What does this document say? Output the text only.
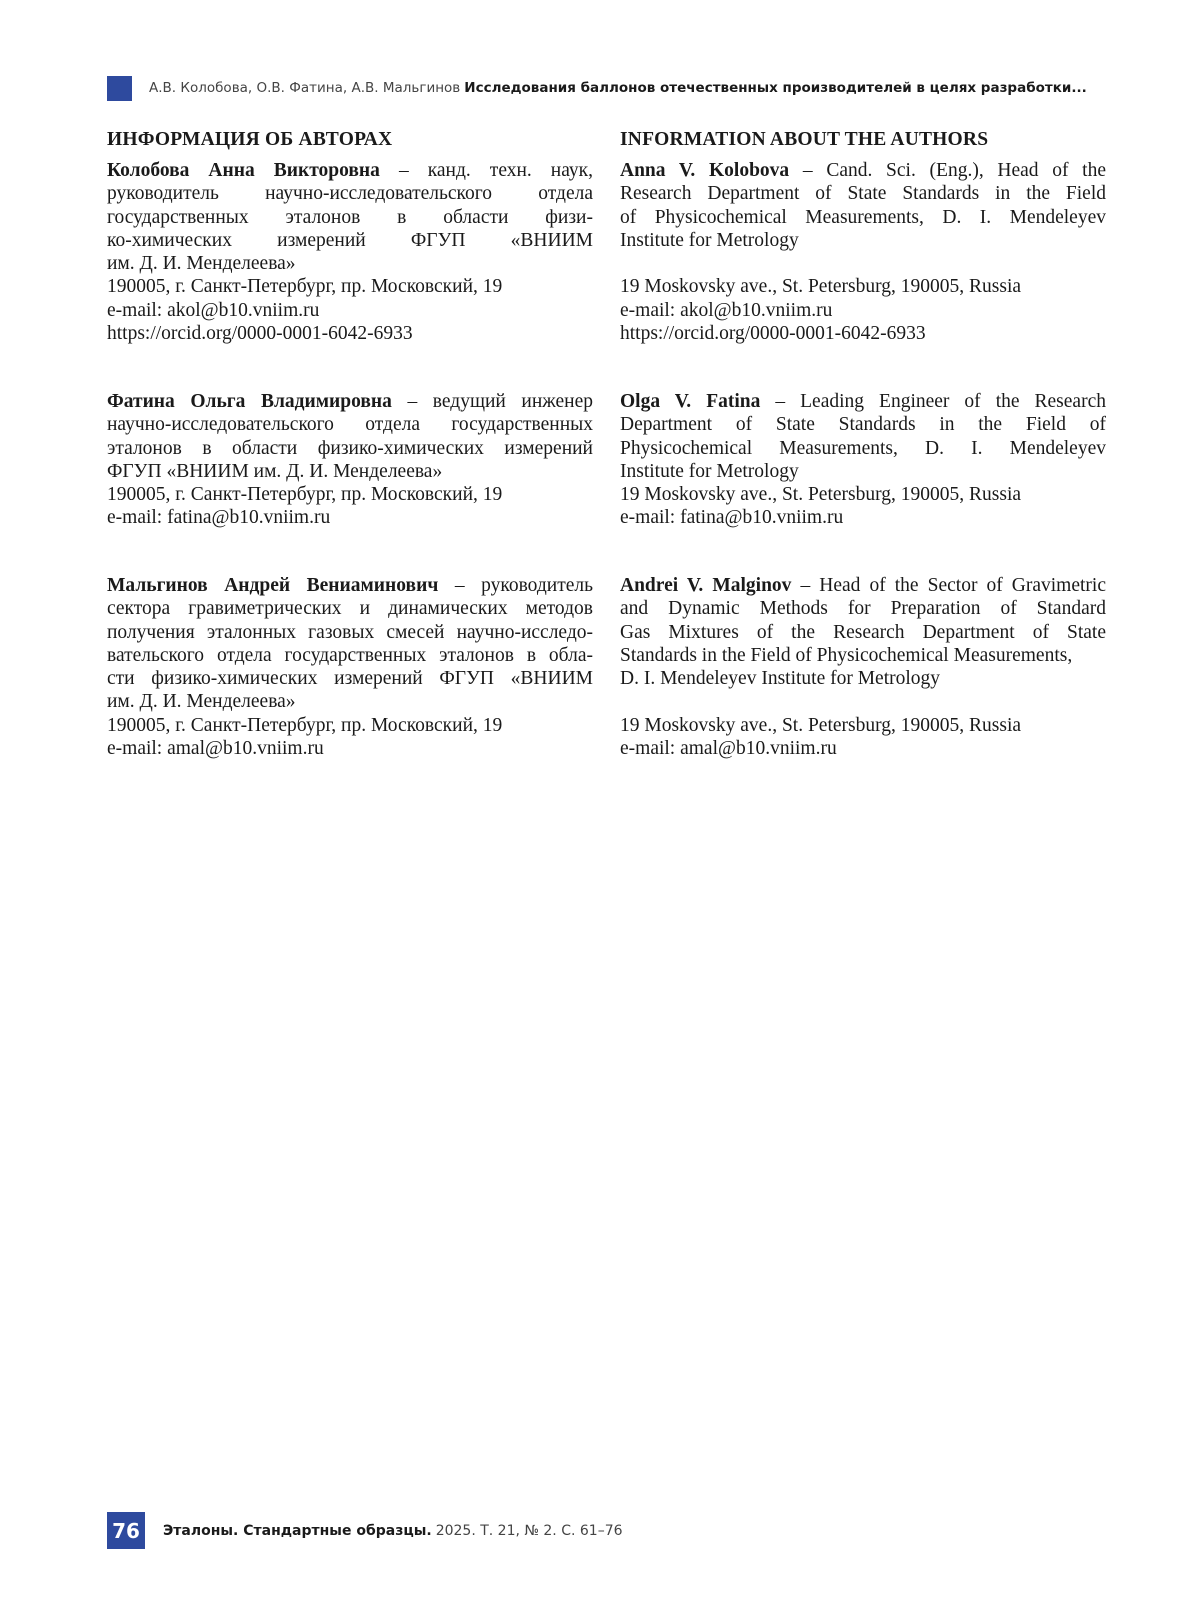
А.В. Колобова, О.В. Фатина, А.В. Мальгинов Исследования баллонов отечественных производителей в целях разработки...
ИНФОРМАЦИЯ ОБ АВТОРАХ

Колобова Анна Викторовна – канд. техн. наук,
руководитель научно-исследовательского отдела
государственных эталонов в области физи-
ко-химических измерений ФГУП «ВНИИМ
им. Д. И. Менделеева»
190005, г. Санкт-Петербург, пр. Московский, 19
e-mail: akol@b10.vniim.ru
https://orcid.org/0000-0001-6042-6933

Фатина Ольга Владимировна – ведущий инженер
научно-исследовательского отдела государственных
эталонов в области физико-химических измерений
ФГУП «ВНИИМ им. Д. И. Менделеева»
190005, г. Санкт-Петербург, пр. Московский, 19
e-mail: fatina@b10.vniim.ru

Мальгинов Андрей Вениаминович – руководитель
сектора гравиметрических и динамических методов
получения эталонных газовых смесей научно-исследо-
вательского отдела государственных эталонов в обла-
сти физико-химических измерений ФГУП «ВНИИМ
им. Д. И. Менделеева»
190005, г. Санкт-Петербург, пр. Московский, 19
e-mail: amal@b10.vniim.ru

INFORMATION ABOUT THE AUTHORS

Anna V. Kolobova – Cand. Sci. (Eng.), Head of the
Research Department of State Standards in the Field
of Physicochemical Measurements, D. I. Mendeleyev
Institute for Metrology
19 Moskovsky ave., St. Petersburg, 190005, Russia
e-mail: akol@b10.vniim.ru
https://orcid.org/0000-0001-6042-6933

Olga V. Fatina – Leading Engineer of the Research
Department of State Standards in the Field of
Physicochemical Measurements, D. I. Mendeleyev
Institute for Metrology
19 Moskovsky ave., St. Petersburg, 190005, Russia
e-mail: fatina@b10.vniim.ru

Andrei V. Malginov – Head of the Sector of Gravimetric
and Dynamic Methods for Preparation of Standard
Gas Mixtures of the Research Department of State
Standards in the Field of Physicochemical Measurements,
D. I. Mendeleyev Institute for Metrology
19 Moskovsky ave., St. Petersburg, 190005, Russia
e-mail: amal@b10.vniim.ru

76	Эталоны. Стандартные образцы. 2025. Т. 21, № 2. С. 61–76
